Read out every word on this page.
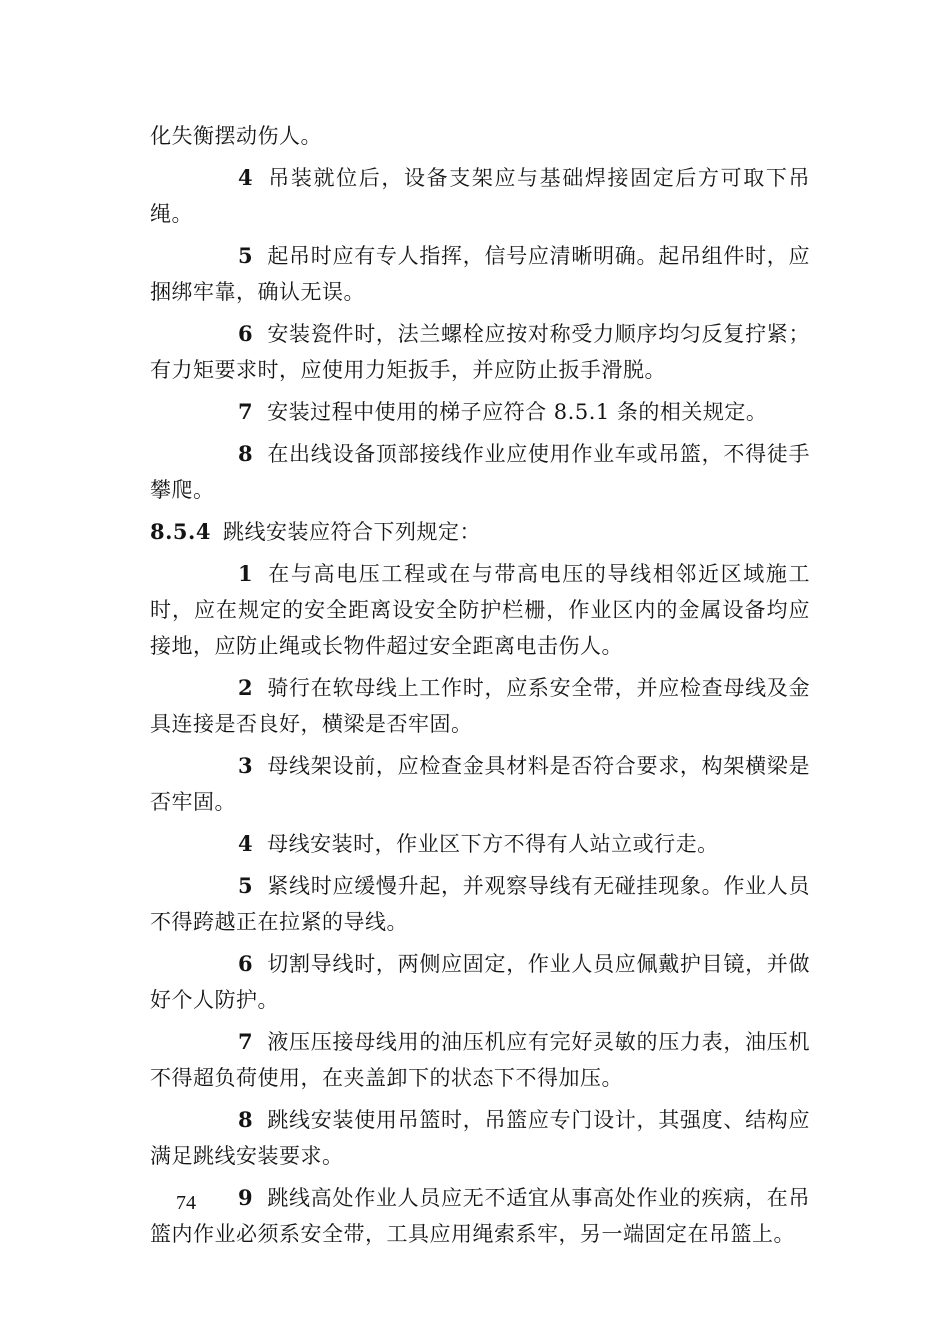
化失衡摆动伤人。

4 吊装就位后，设备支架应与基础焊接固定后方可取下吊绳。

5 起吊时应有专人指挥，信号应清晰明确。起吊组件时，应捆绑牢靠，确认无误。

6 安装瓷件时，法兰螺栓应按对称受力顺序均匀反复拧紧；有力矩要求时，应使用力矩扳手，并应防止扳手滑脱。

7 安装过程中使用的梯子应符合 8.5.1 条的相关规定。

8 在出线设备顶部接线作业应使用作业车或吊篮，不得徒手攀爬。

8.5.4 跳线安装应符合下列规定：

1 在与高电压工程或在与带高电压的导线相邻近区域施工时，应在规定的安全距离设安全防护栏栅，作业区内的金属设备均应接地，应防止绳或长物件超过安全距离电击伤人。

2 骑行在软母线上工作时，应系安全带，并应检查母线及金具连接是否良好，横梁是否牢固。

3 母线架设前，应检查金具材料是否符合要求，构架横梁是否牢固。

4 母线安装时，作业区下方不得有人站立或行走。

5 紧线时应缓慢升起，并观察导线有无碰挂现象。作业人员不得跨越正在拉紧的导线。

6 切割导线时，两侧应固定，作业人员应佩戴护目镜，并做好个人防护。

7 液压压接母线用的油压机应有完好灵敏的压力表，油压机不得超负荷使用，在夹盖卸下的状态下不得加压。

8 跳线安装使用吊篮时，吊篮应专门设计，其强度、结构应满足跳线安装要求。

9 跳线高处作业人员应无不适宜从事高处作业的疾病，在吊篮内作业必须系安全带，工具应用绳索系牢，另一端固定在吊篮上。

74
